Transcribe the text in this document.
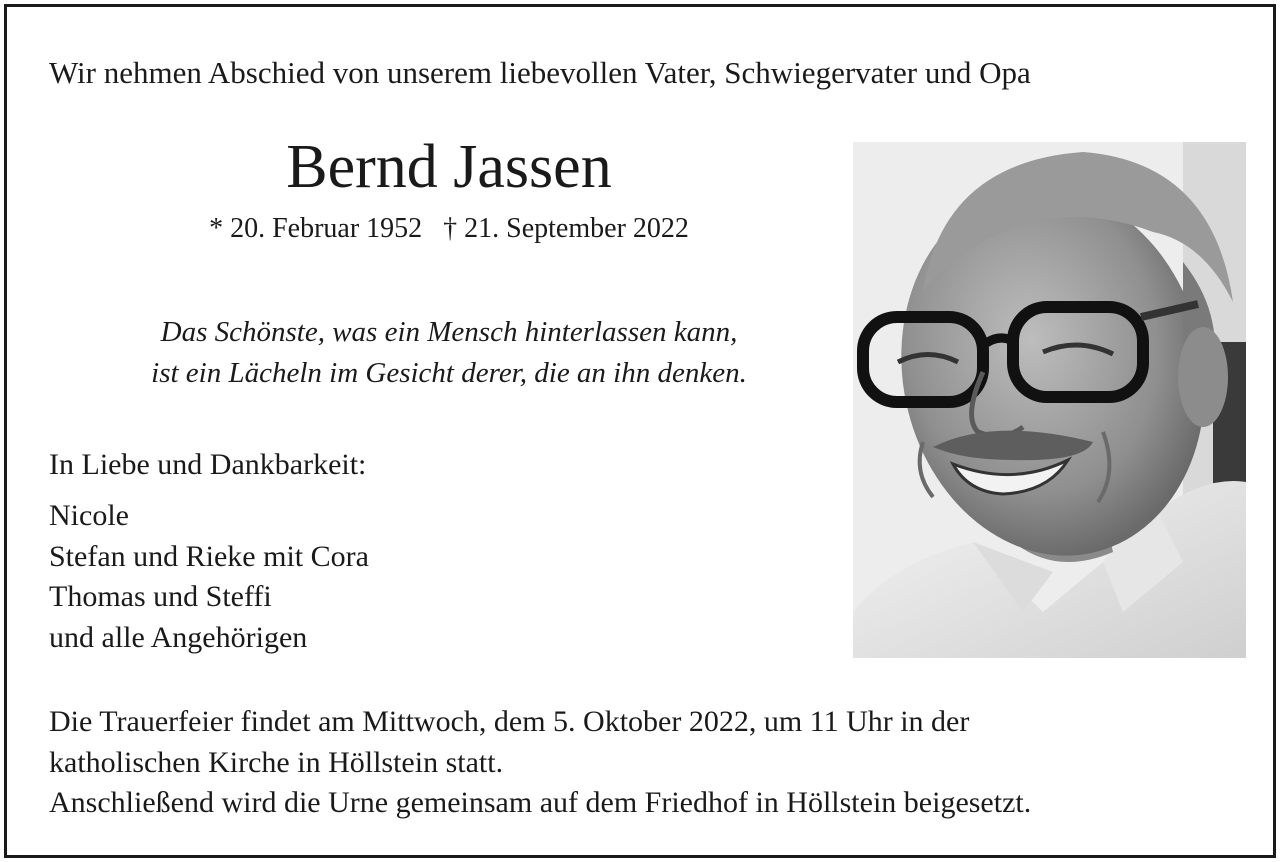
Wir nehmen Abschied von unserem liebevollen Vater, Schwiegervater und Opa
Bernd Jassen
* 20. Februar 1952   † 21. September 2022
Das Schönste, was ein Mensch hinterlassen kann,
ist ein Lächeln im Gesicht derer, die an ihn denken.
In Liebe und Dankbarkeit:
Nicole
Stefan und Rieke mit Cora
Thomas und Steffi
und alle Angehörigen
Die Trauerfeier findet am Mittwoch, dem 5. Oktober 2022, um 11 Uhr in der
katholischen Kirche in Höllstein statt.
Anschließend wird die Urne gemeinsam auf dem Friedhof in Höllstein beigesetzt.
